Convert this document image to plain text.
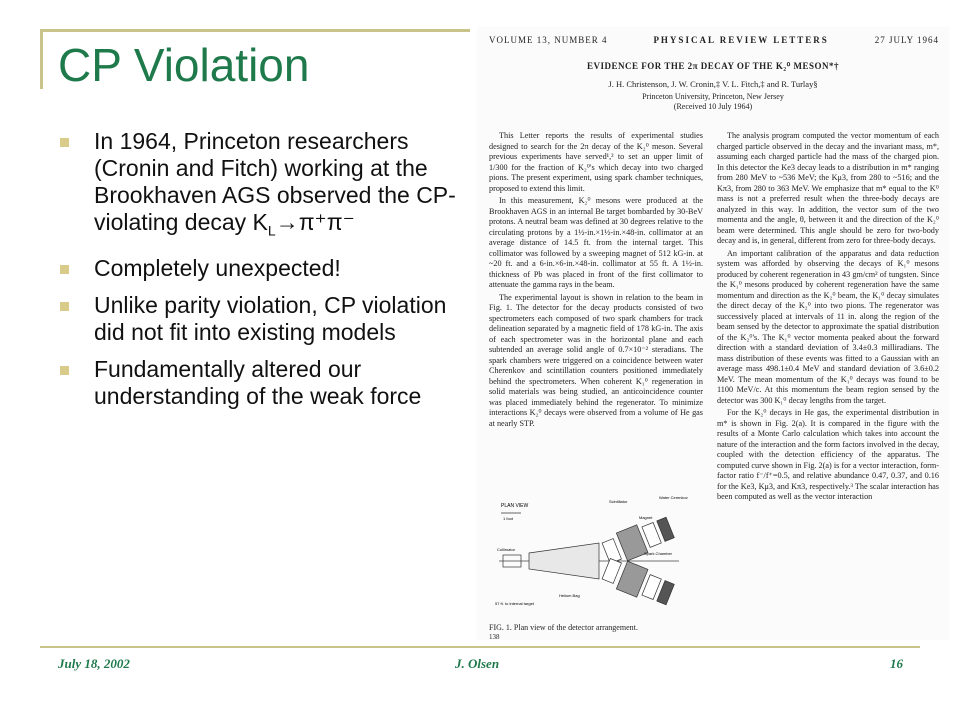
CP Violation
In 1964, Princeton researchers (Cronin and Fitch) working at the Brookhaven AGS observed the CP-violating decay $K_L\to\pi^+\pi^-$
Completely unexpected!
Unlike parity violation, CP violation did not fit into existing models
Fundamentally altered our understanding of the weak force
VOLUME 13, NUMBER 4	PHYSICAL REVIEW LETTERS	27 JULY 1964
EVIDENCE FOR THE 2π DECAY OF THE K₂⁰ MESON*†
J. H. Christenson, J. W. Cronin,‡ V. L. Fitch,‡ and R. Turlay§
Princeton University, Princeton, New Jersey
(Received 10 July 1964)

This Letter reports the results of experimental studies designed to search for the 2π decay of the K₂⁰ meson. Several previous experiments have served¹,² to set an upper limit of 1/300 for the fraction of K₂⁰'s which decay into two charged pions. The present experiment, using spark chamber techniques, proposed to extend this limit.

In this measurement, K₂⁰ mesons were produced at the Brookhaven AGS in an internal Be target bombarded by 30-BeV protons. A neutral beam was defined at 30 degrees relative to the circulating protons by a 1½-in.×1½-in.×48-in. collimator at an average distance of 14.5 ft. from the internal target. This collimator was followed by a sweeping magnet of 512 kG-in. at ~20 ft. and a 6-in.×6-in.×48-in. collimator at 55 ft. A 1½-in. thickness of Pb was placed in front of the first collimator to attenuate the gamma rays in the beam.

The experimental layout is shown in relation to the beam in Fig. 1. The detector for the decay products consisted of two spectrometers each composed of two spark chambers for track delineation separated by a magnetic field of 178 kG-in. The axis of each spectrometer was in the horizontal plane and each subtended an average solid angle of 0.7×10⁻² steradians. The spark chambers were triggered on a coincidence between water Cherenkov and scintillation counters positioned immediately behind the spectrometers. When coherent K₁⁰ regeneration in solid materials was being studied, an anticoincidence counter was placed immediately behind the regenerator. To minimize interactions K₂⁰ decays were observed from a volume of He gas at nearly STP.

The analysis program computed the vector momentum of each charged particle observed in the decay and the invariant mass, m*, assuming each charged particle had the mass of the charged pion. In this detector the Ke3 decay leads to a distribution in m* ranging from 280 MeV to ~536 MeV; the Kμ3, from 280 to ~516; and the Kπ3, from 280 to 363 MeV. We emphasize that m* equal to the K⁰ mass is not a preferred result when the three-body decays are analyzed in this way. In addition, the vector sum of the two momenta and the angle, θ, between it and the direction of the K₂⁰ beam were determined. This angle should be zero for two-body decay and is, in general, different from zero for three-body decays.

An important calibration of the apparatus and data reduction system was afforded by observing the decays of K₁⁰ mesons produced by coherent regeneration in 43 gm/cm² of tungsten. Since the K₁⁰ mesons produced by coherent regeneration have the same momentum and direction as the K₂⁰ beam, the K₁⁰ decay simulates the direct decay of the K₂⁰ into two pions. The regenerator was successively placed at intervals of 11 in. along the region of the beam sensed by the detector to approximate the spatial distribution of the K₂⁰'s. The K₁⁰ vector momenta peaked about the forward direction with a standard deviation of 3.4±0.3 milliradians. The mass distribution of these events was fitted to a Gaussian with an average mass 498.1±0.4 MeV and standard deviation of 3.6±0.2 MeV. The mean momentum of the K₁⁰ decays was found to be 1100 MeV/c. At this momentum the beam region sensed by the detector was 300 K₁⁰ decay lengths from the target.

For the K₂⁰ decays in He gas, the experimental distribution in m* is shown in Fig. 2(a). It is compared in the figure with the results of a Monte Carlo calculation which takes into account the nature of the interaction and the form factors involved in the decay, coupled with the detection efficiency of the apparatus. The computed curve shown in Fig. 2(a) is for a vector interaction, form-factor ratio f⁻/f⁺=0.5, and relative abundance 0.47, 0.37, and 0.16 for the Ke3, Kμ3, and Kπ3, respectively.³ The scalar interaction has been computed as well as the vector interaction

PLAN VIEW
1 foot
Collimator
Helium Bag
Scintillator
Magnet
Spark Chamber
Water Cerenkov
57 ft. to internal target
FIG. 1. Plan view of the detector arrangement.
138
July 18, 2002	J. Olsen	16
